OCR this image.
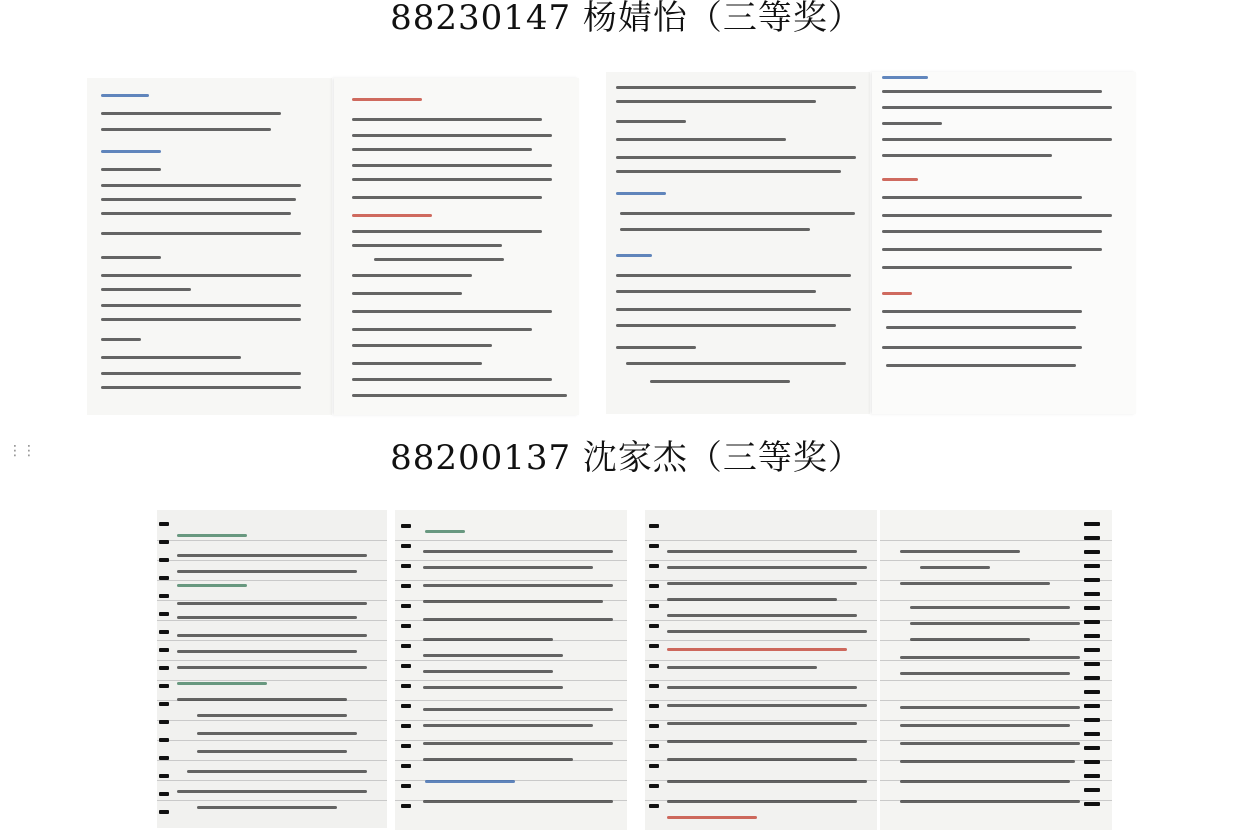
88230147 杨婧怡（三等奖）
⋮⋮	88200137 沈家杰（三等奖）
